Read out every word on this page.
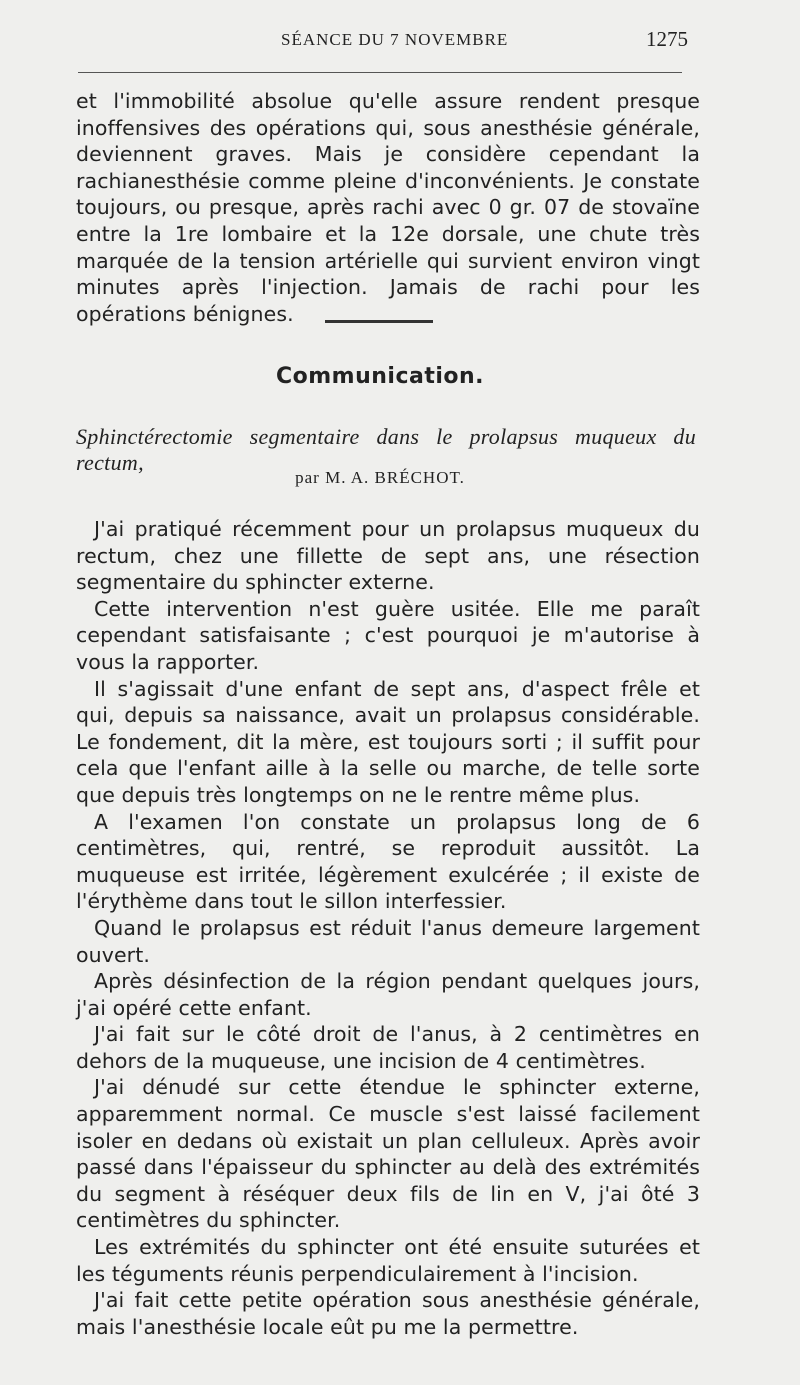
SÉANCE DU 7 NOVEMBRE	1275

et l'immobilité absolue qu'elle assure rendent presque inoffensives des opérations qui, sous anesthésie générale, deviennent graves. Mais je considère cependant la rachianesthésie comme pleine d'inconvénients. Je constate toujours, ou presque, après rachi avec 0 gr. 07 de stovaïne entre la 1re lombaire et la 12e dorsale, une chute très marquée de la tension artérielle qui survient environ vingt minutes après l'injection. Jamais de rachi pour les opérations bénignes.

Communication.
Sphinctérectomie segmentaire dans le prolapsus muqueux du rectum,
par M. A. BRÉCHOT.

J'ai pratiqué récemment pour un prolapsus muqueux du rectum, chez une fillette de sept ans, une résection segmentaire du sphincter externe.

Cette intervention n'est guère usitée. Elle me paraît cependant satisfaisante ; c'est pourquoi je m'autorise à vous la rapporter.

Il s'agissait d'une enfant de sept ans, d'aspect frêle et qui, depuis sa naissance, avait un prolapsus considérable. Le fondement, dit la mère, est toujours sorti ; il suffit pour cela que l'enfant aille à la selle ou marche, de telle sorte que depuis très longtemps on ne le rentre même plus.

A l'examen l'on constate un prolapsus long de 6 centimètres, qui, rentré, se reproduit aussitôt. La muqueuse est irritée, légèrement exulcérée ; il existe de l'érythème dans tout le sillon interfessier.

Quand le prolapsus est réduit l'anus demeure largement ouvert.

Après désinfection de la région pendant quelques jours, j'ai opéré cette enfant.

J'ai fait sur le côté droit de l'anus, à 2 centimètres en dehors de la muqueuse, une incision de 4 centimètres.

J'ai dénudé sur cette étendue le sphincter externe, apparemment normal. Ce muscle s'est laissé facilement isoler en dedans où existait un plan celluleux. Après avoir passé dans l'épaisseur du sphincter au delà des extrémités du segment à réséquer deux fils de lin en V, j'ai ôté 3 centimètres du sphincter.

Les extrémités du sphincter ont été ensuite suturées et les téguments réunis perpendiculairement à l'incision.

J'ai fait cette petite opération sous anesthésie générale, mais l'anesthésie locale eût pu me la permettre.
